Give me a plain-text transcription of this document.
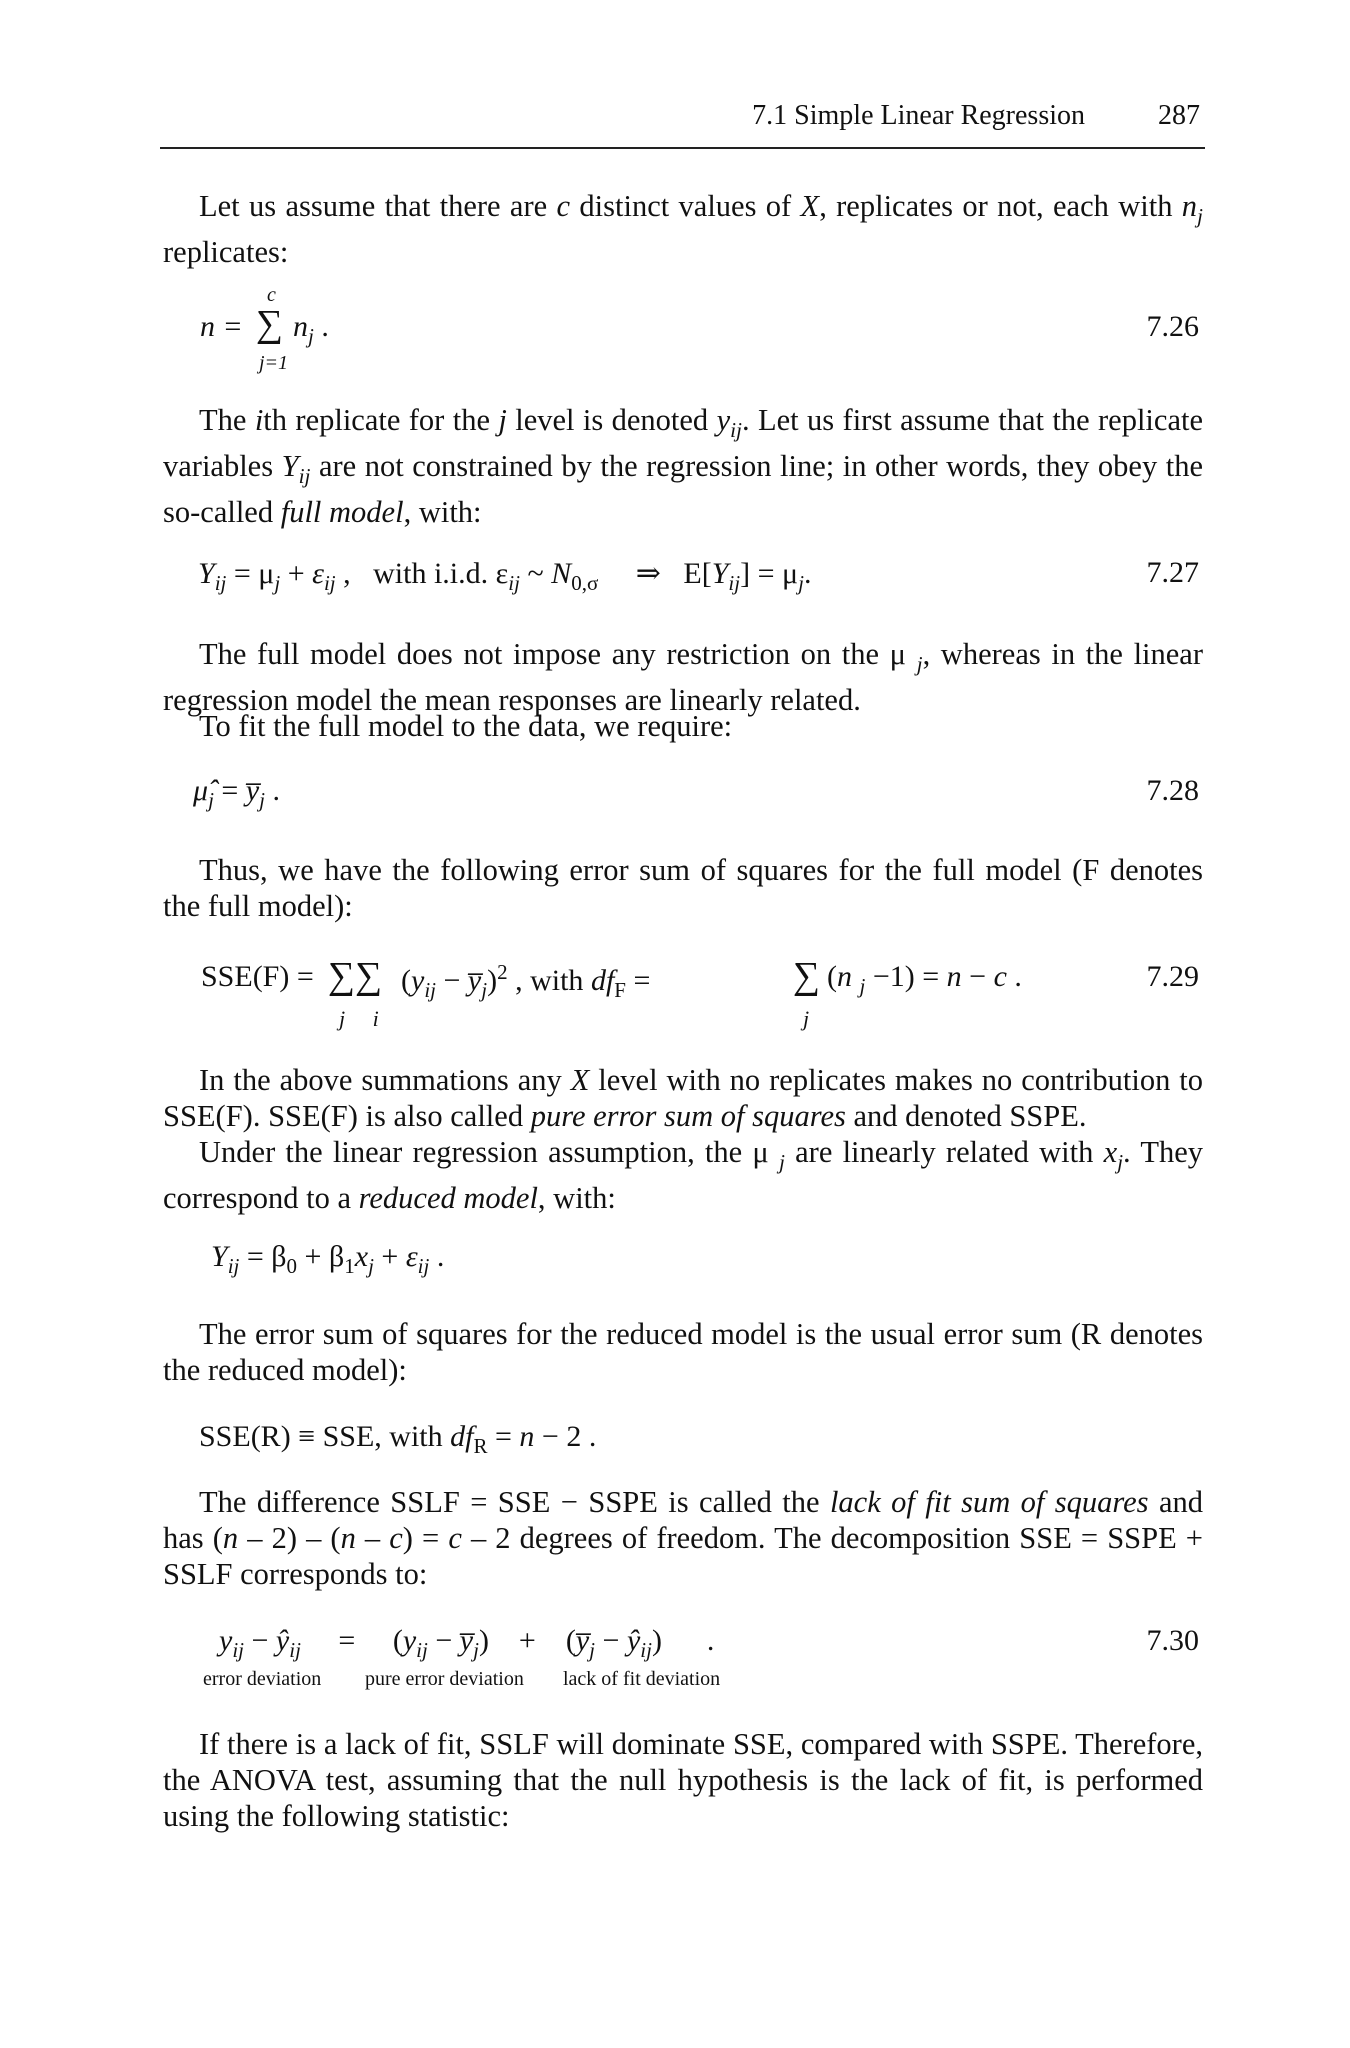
7.1 Simple Linear Regression	287
Let us assume that there are c distinct values of X, replicates or not, each with $n_j$ replicates:
n =
c
∑
j=1
$n_j$ .	7.26
The ith replicate for the j level is denoted $y_{ij}$. Let us first assume that the replicate variables $Y_{ij}$ are not constrained by the regression line; in other words, they obey the so-called full model, with:
$Y_{ij} = \mu_j + \varepsilon_{ij}$ ,   with i.i.d. $\varepsilon_{ij}$ ~ $N_{0,\sigma}$ ⇒   $E[Y_{ij}] = \mu_j$.	7.27
The full model does not impose any restriction on the μ $_j$, whereas in the linear regression model the mean responses are linearly related.
To fit the full model to the data, we require:
$\mû_j$ = $y̅_j$ .	7.28
Thus, we have the following error sum of squares for the full model (F denotes the full model):
SSE(F) = ∑∑
j     i
($y_{ij}$ − $y̅_j)^2$ , with $df_F$ =	∑
j
(n $_j$ −1) = n − c .	7.29
In the above summations any X level with no replicates makes no contribution to SSE(F). SSE(F) is also called pure error sum of squares and denoted SSPE.
Under the linear regression assumption, the μ $_j$ are linearly related with $x_j$. They correspond to a reduced model, with:
$Y_{ij} = \beta_0 + \beta_1x_j + \varepsilon_{ij}$ .
The error sum of squares for the reduced model is the usual error sum (R denotes the reduced model):
SSE(R) ≡ SSE, with $df_R = n - 2$ .
The difference SSLF = SSE − SSPE is called the lack of fit sum of squares and has (n – 2) – (n – c) = c – 2 degrees of freedom. The decomposition SSE = SSPE + SSLF corresponds to:
$y_{ij}$ − $ŷ_{ij}$     =     ($y_{ij}$ − $y̅_j$)    +    ($y̅_j$ − $ŷ_{ij}$)      .
error deviation pure error deviation lack of fit deviation
7.30
If there is a lack of fit, SSLF will dominate SSE, compared with SSPE. Therefore, the ANOVA test, assuming that the null hypothesis is the lack of fit, is performed using the following statistic:
